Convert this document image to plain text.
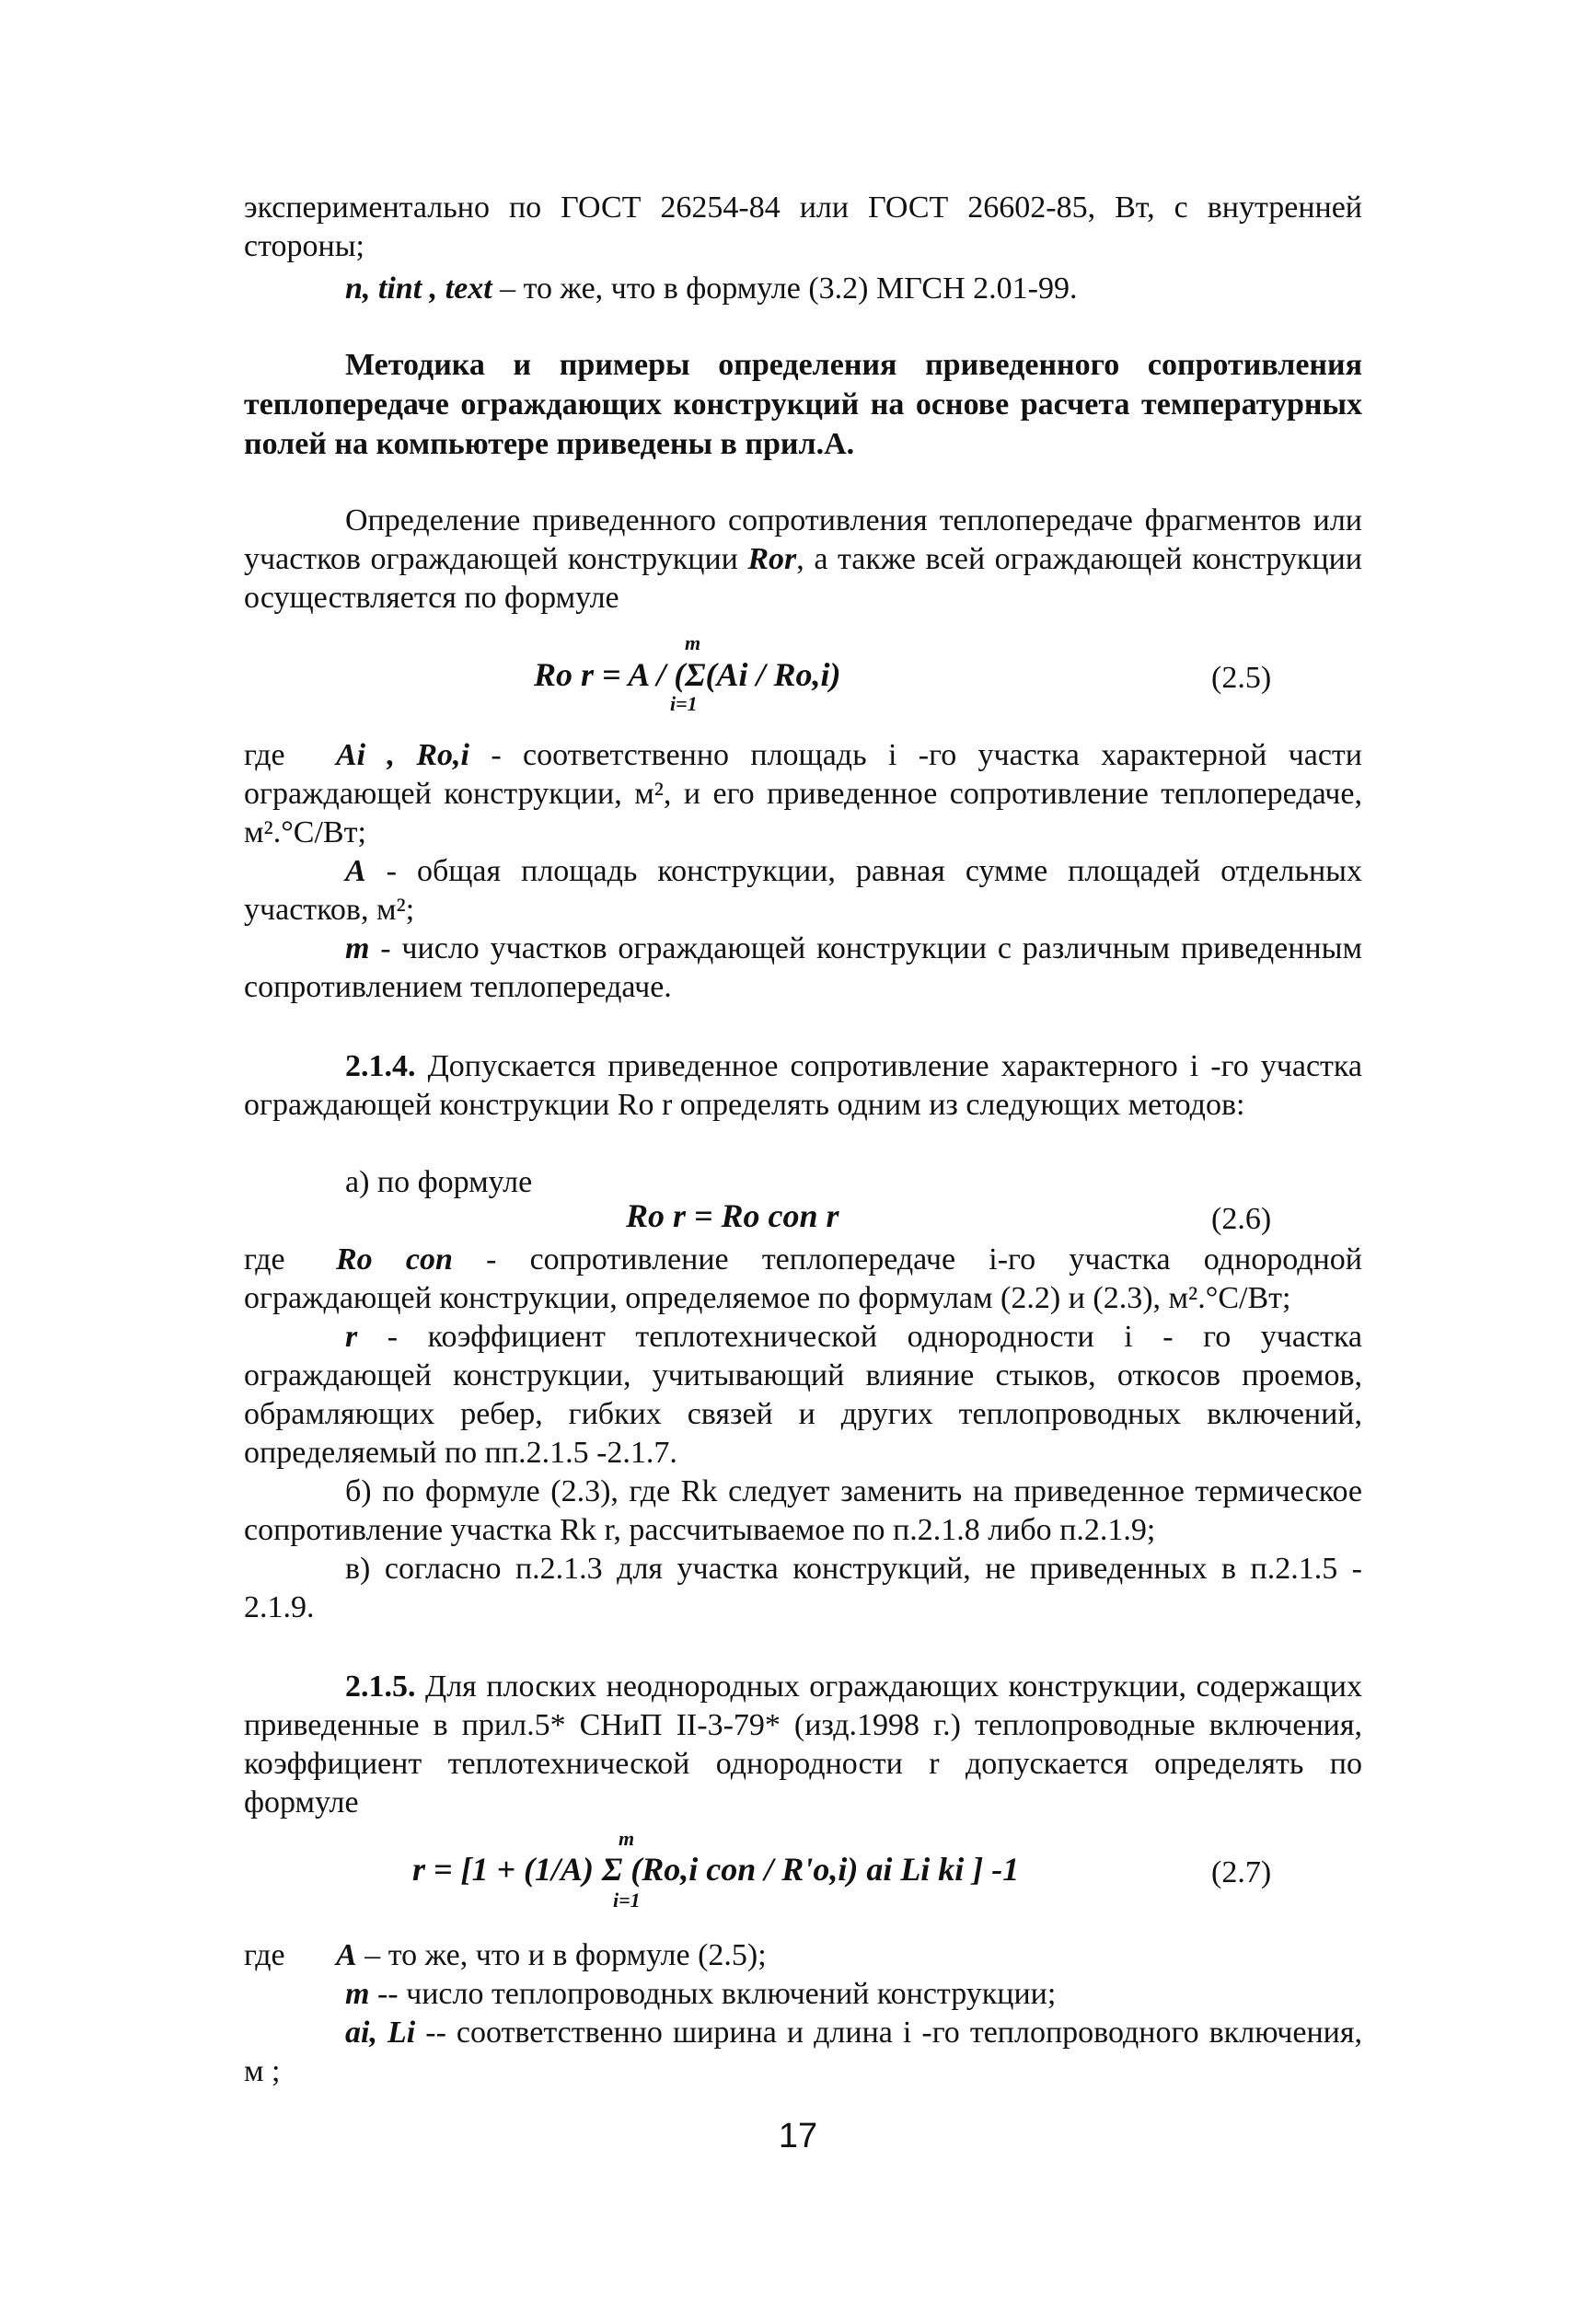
экспериментально по ГОСТ 26254-84 или ГОСТ 26602-85, Вт, с внутренней стороны;
n, tint , text – то же, что в формуле (3.2) МГСН 2.01-99.
Методика и примеры определения приведенного сопротивления теплопередаче ограждающих конструкций на основе расчета температурных полей на компьютере приведены в прил.А.
Определение приведенного сопротивления теплопередаче фрагментов или участков ограждающей конструкции Ror, а также всей ограждающей конструкции осуществляется по формуле
m
Ro r = A / (Σ(Ai / Ro,i)
i=1
(2.5)
где	Ai , Ro,i - соответственно площадь i -го участка характерной части ограждающей конструкции, м², и его приведенное сопротивление теплопередаче, м².°С/Вт;
А - общая площадь конструкции, равная сумме площадей отдельных участков, м²;
m - число участков ограждающей конструкции с различным приведенным сопротивлением теплопередаче.
2.1.4. Допускается приведенное сопротивление характерного i -го участка ограждающей конструкции Ro r определять одним из следующих методов:
а) по формуле
Ro r = Ro con r	(2.6)
где	Ro con - сопротивление теплопередаче i-го участка однородной ограждающей конструкции, определяемое по формулам (2.2) и (2.3), м².°С/Вт;
r - коэффициент теплотехнической однородности i - го участка ограждающей конструкции, учитывающий влияние стыков, откосов проемов, обрамляющих ребер, гибких связей и других теплопроводных включений, определяемый по пп.2.1.5 -2.1.7.
б) по формуле (2.3), где Rk следует заменить на приведенное термическое сопротивление участка Rk r, рассчитываемое по п.2.1.8 либо п.2.1.9;
в) согласно п.2.1.3 для участка конструкций, не приведенных в п.2.1.5 - 2.1.9.
2.1.5. Для плоских неоднородных ограждающих конструкции, содержащих приведенные в прил.5* СНиП II-3-79* (изд.1998 г.) теплопроводные включения, коэффициент теплотехнической однородности r допускается определять по формуле
m
r = [1 + (1/A) Σ (Ro,i con / R'o,i) ai Li ki ] -1
i=1
(2.7)
где	A – то же, что и в формуле (2.5);
m -- число теплопроводных включений конструкции;
ai, Li -- соответственно ширина и длина i -го теплопроводного включения, м ;
17
